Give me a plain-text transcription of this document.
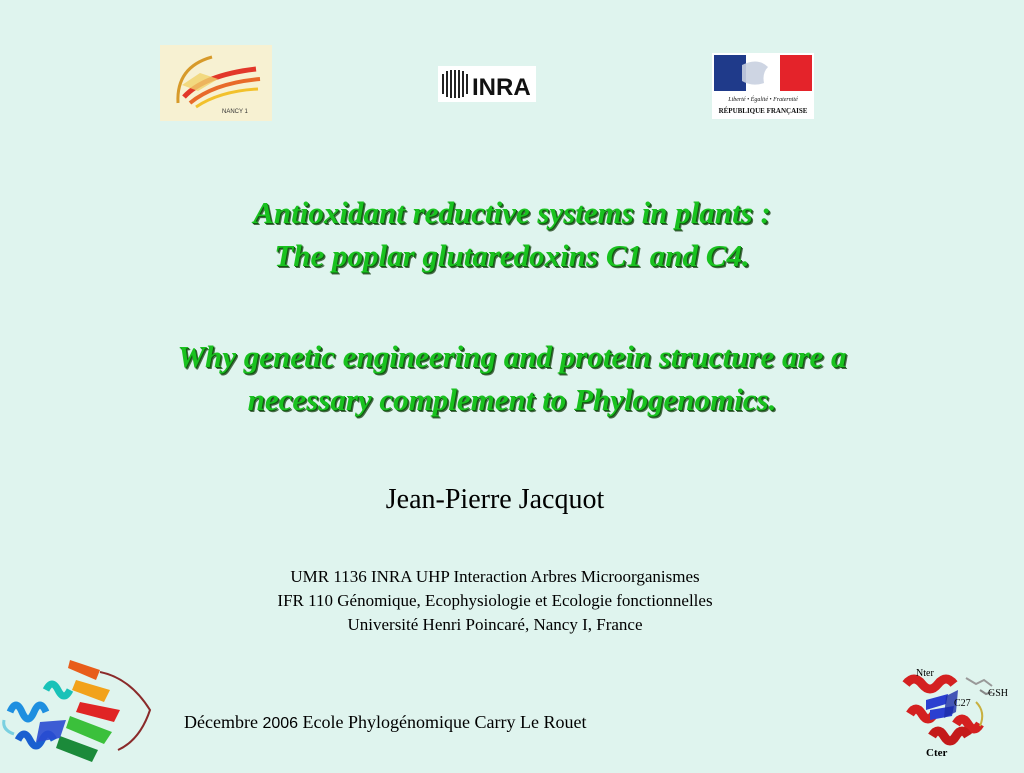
NANCY 1
INRA	Liberté • Égalité • Fraternité
RÉPUBLIQUE FRANÇAISE
Antioxidant reductive systems in plants :
The poplar glutaredoxins C1 and C4.
Why genetic engineering and protein structure are a
necessary complement to Phylogenomics.
Jean-Pierre Jacquot
UMR 1136 INRA UHP Interaction Arbres Microorganismes
IFR 110 Génomique, Ecophysiologie et Ecologie fonctionnelles
Université Henri Poincaré, Nancy I, France
Décembre 2006 Ecole Phylogénomique Carry Le Rouet
Nter
GSH
C27
Cter
